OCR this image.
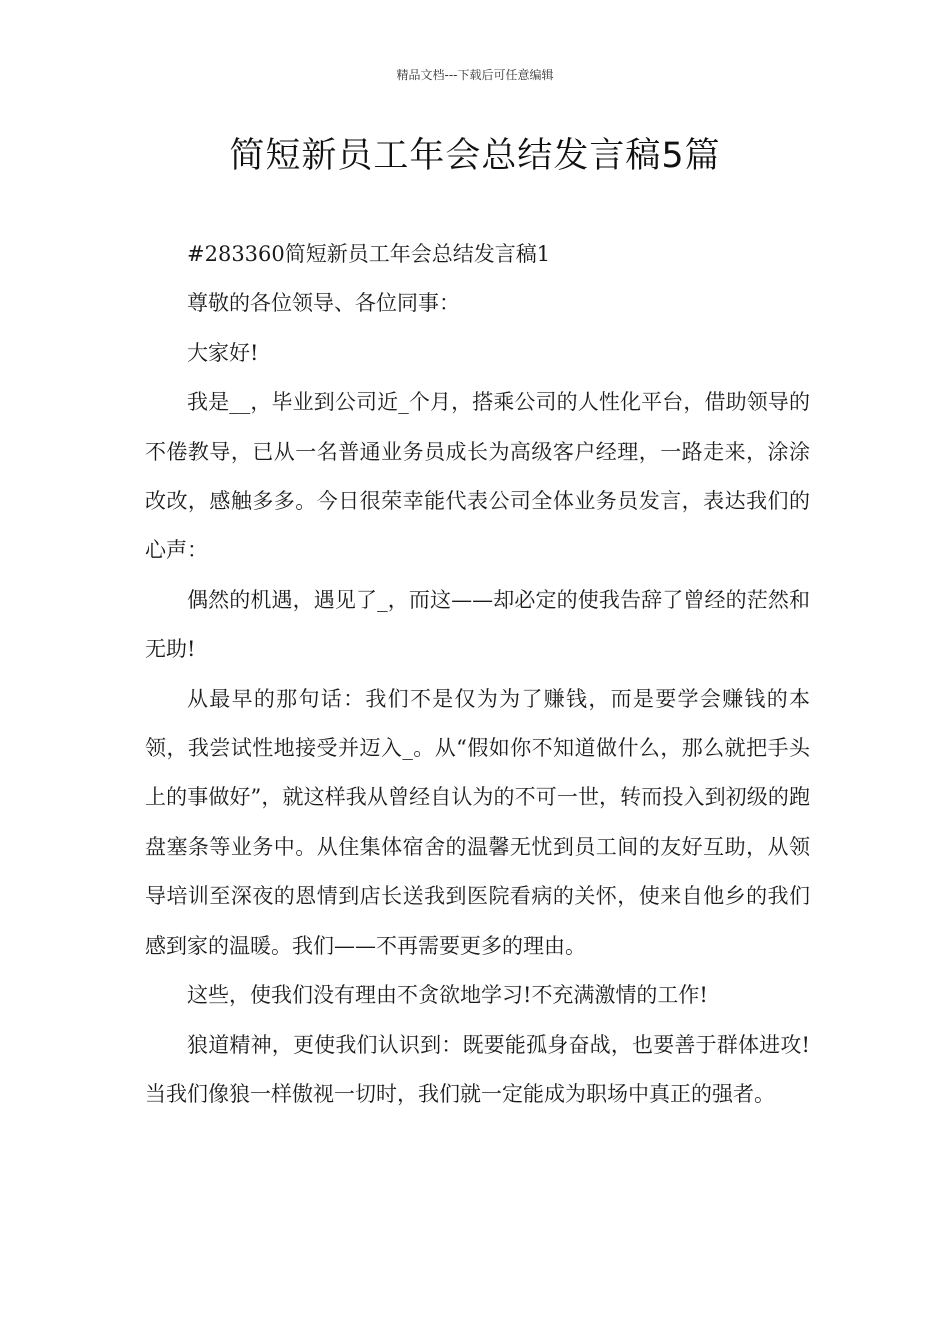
精品文档---下载后可任意编辑
简短新员工年会总结发言稿5篇

#283360简短新员工年会总结发言稿1

尊敬的各位领导、各位同事：

大家好!

我是__，毕业到公司近_个月，搭乘公司的人性化平台，借助领导的不倦教导，已从一名普通业务员成长为高级客户经理，一路走来，涂涂改改，感触多多。今日很荣幸能代表公司全体业务员发言，表达我们的心声：

偶然的机遇，遇见了_，而这——却必定的使我告辞了曾经的茫然和无助!

从最早的那句话：我们不是仅为为了赚钱，而是要学会赚钱的本领，我尝试性地接受并迈入_。从“假如你不知道做什么，那么就把手头上的事做好”，就这样我从曾经自认为的不可一世，转而投入到初级的跑盘塞条等业务中。从住集体宿舍的温馨无忧到员工间的友好互助，从领导培训至深夜的恩情到店长送我到医院看病的关怀，使来自他乡的我们感到家的温暖。我们——不再需要更多的理由。

这些，使我们没有理由不贪欲地学习!不充满激情的工作!

狼道精神，更使我们认识到：既要能孤身奋战，也要善于群体进攻!当我们像狼一样傲视一切时，我们就一定能成为职场中真正的强者。
